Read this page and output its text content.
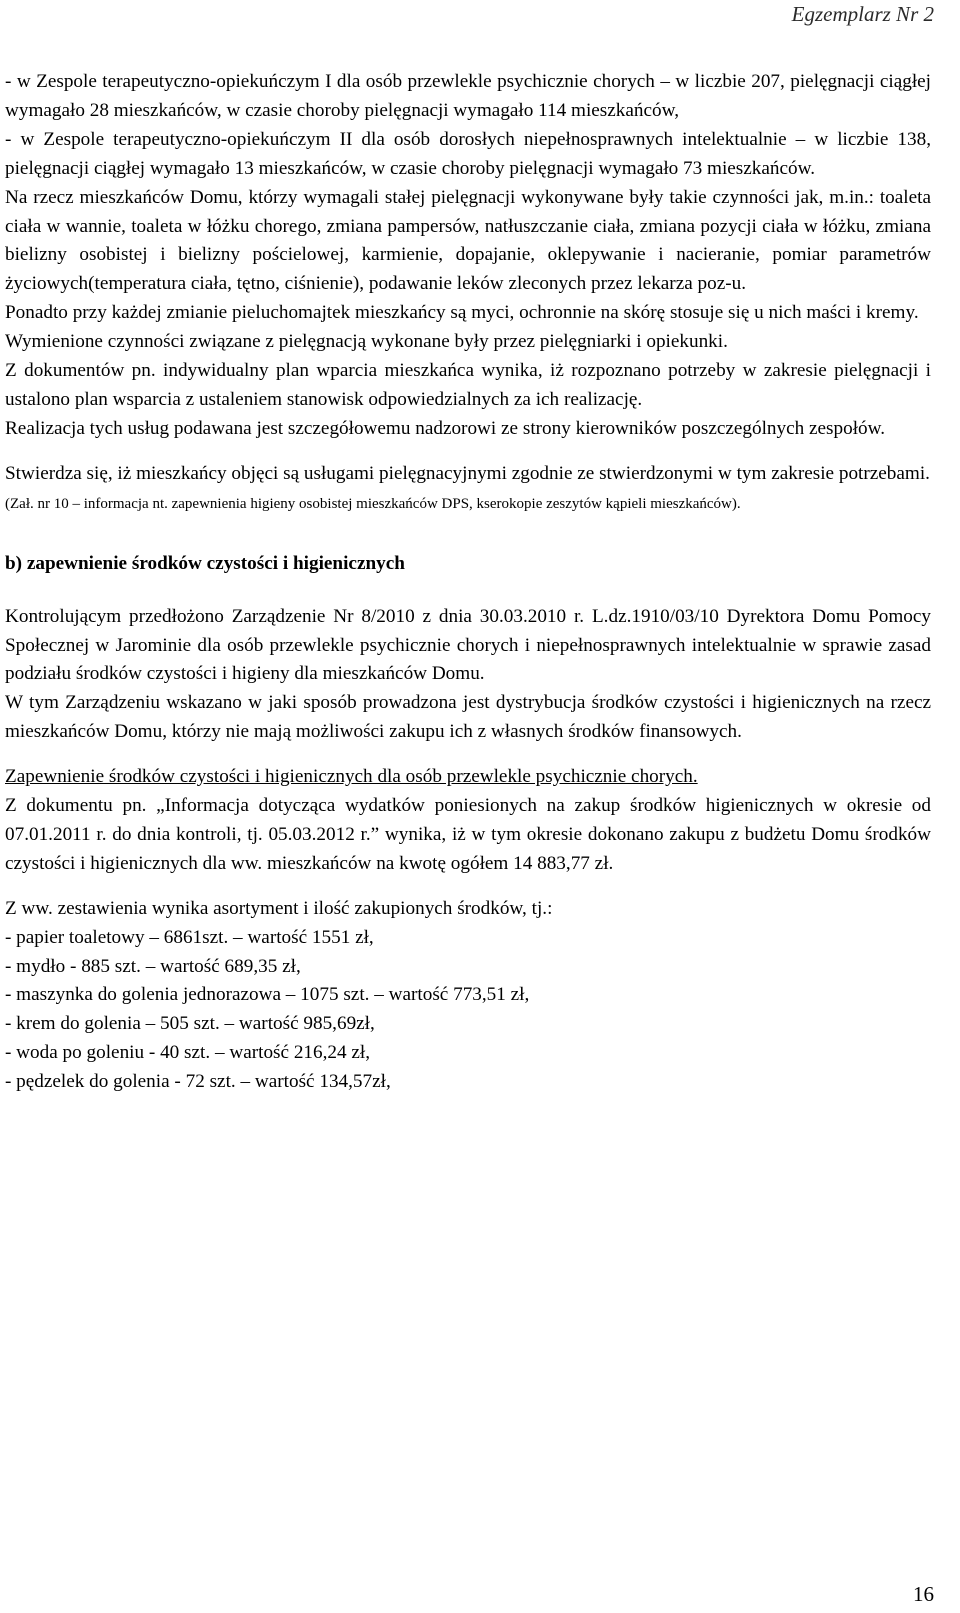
Egzemplarz Nr 2

- w Zespole terapeutyczno-opiekuńczym I dla osób przewlekle psychicznie chorych – w liczbie 207, pielęgnacji ciągłej wymagało 28 mieszkańców, w czasie choroby pielęgnacji wymagało 114 mieszkańców,

- w Zespole terapeutyczno-opiekuńczym II dla osób dorosłych niepełnosprawnych intelektualnie – w liczbie 138, pielęgnacji ciągłej wymagało 13 mieszkańców, w czasie choroby pielęgnacji wymagało 73 mieszkańców.

Na rzecz mieszkańców Domu, którzy wymagali stałej pielęgnacji wykonywane były takie czynności jak, m.in.: toaleta ciała w wannie, toaleta w łóżku chorego, zmiana pampersów, natłuszczanie ciała, zmiana pozycji ciała w łóżku, zmiana bielizny osobistej i bielizny pościelowej, karmienie, dopajanie, oklepywanie i nacieranie, pomiar parametrów życiowych(temperatura ciała, tętno, ciśnienie), podawanie leków zleconych przez lekarza poz-u.

Ponadto przy każdej zmianie pieluchomajtek mieszkańcy są myci, ochronnie na skórę stosuje się u nich maści i kremy.

Wymienione czynności związane z pielęgnacją wykonane były przez pielęgniarki i opiekunki.

Z dokumentów pn. indywidualny plan wparcia mieszkańca wynika, iż rozpoznano potrzeby w zakresie pielęgnacji i ustalono plan wsparcia z ustaleniem stanowisk odpowiedzialnych za ich realizację.

Realizacja tych usług podawana jest szczegółowemu nadzorowi ze strony kierowników poszczególnych zespołów.

Stwierdza się, iż mieszkańcy objęci są usługami pielęgnacyjnymi zgodnie ze stwierdzonymi w tym zakresie potrzebami.

(Zał. nr 10 – informacja nt. zapewnienia higieny osobistej mieszkańców DPS, kserokopie zeszytów kąpieli mieszkańców).

b) zapewnienie środków czystości i higienicznych

Kontrolującym przedłożono Zarządzenie Nr 8/2010 z dnia 30.03.2010 r. L.dz.1910/03/10 Dyrektora Domu Pomocy Społecznej w Jarominie dla osób przewlekle psychicznie chorych i niepełnosprawnych intelektualnie w sprawie zasad podziału środków czystości i higieny dla mieszkańców Domu.

W tym Zarządzeniu wskazano w jaki sposób prowadzona jest dystrybucja środków czystości i higienicznych na rzecz mieszkańców Domu, którzy nie mają możliwości zakupu ich z własnych środków finansowych.

Zapewnienie środków czystości i higienicznych dla osób przewlekle psychicznie chorych.

Z dokumentu pn. „Informacja dotycząca wydatków poniesionych na zakup środków higienicznych w okresie od 07.01.2011 r. do dnia kontroli, tj. 05.03.2012 r.” wynika, iż w tym okresie dokonano zakupu z budżetu Domu środków czystości i higienicznych dla ww. mieszkańców na kwotę ogółem 14 883,77 zł.

Z ww. zestawienia wynika asortyment i ilość zakupionych środków, tj.:

- papier toaletowy – 6861szt. – wartość 1551 zł,
- mydło - 885 szt. – wartość 689,35 zł,
- maszynka do golenia jednorazowa – 1075 szt. – wartość 773,51 zł,
- krem do golenia – 505 szt. – wartość 985,69zł,
- woda po goleniu - 40 szt. – wartość 216,24 zł,
- pędzelek do golenia - 72 szt. – wartość 134,57zł,
16
